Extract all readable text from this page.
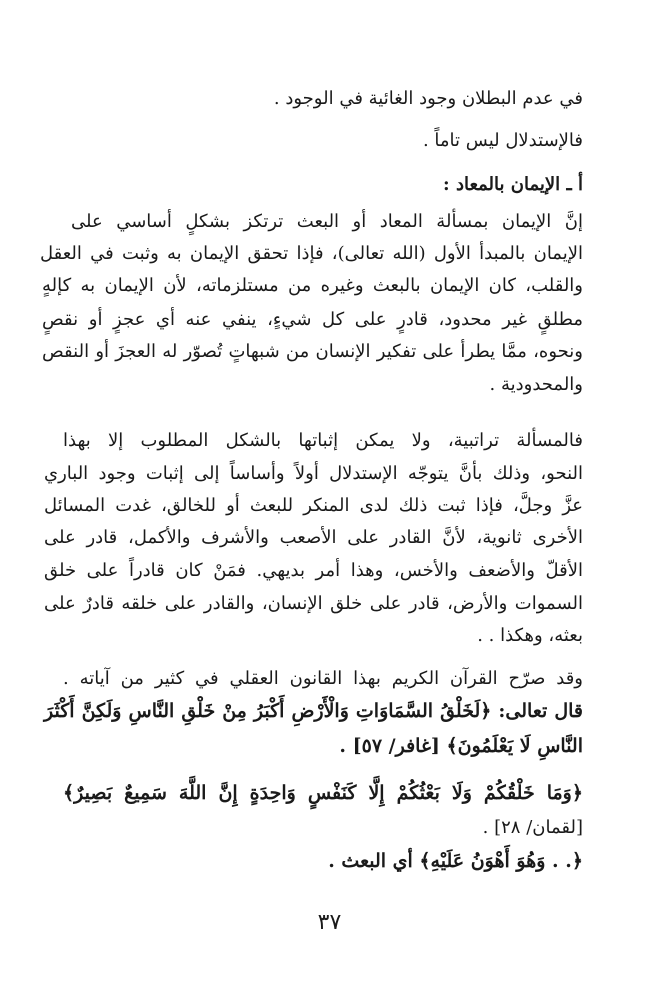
في عدم البطلان وجود الغائية في الوجود .
فالإستدلال ليس تاماً .
أ ـ الإيمان بالمعاد :
إنَّ الإيمان بمسألة المعاد أو البعث ترتكز بشكلٍ أساسي على
الإيمان بالمبدأ الأول (الله تعالى)، فإذا تحقق الإيمان به وثبت في العقل
والقلب، كان الإيمان بالبعث وغيره من مستلزماته، لأن الإيمان به كإلهٍ
مطلقٍ غير محدود، قادرٍ على كل شيءٍ، ينفي عنه أي عجزٍ أو نقصٍ
ونحوه، ممَّا يطرأ على تفكير الإنسان من شبهاتٍ تُصوّر له العجزَ أو النقص
والمحدودية .
فالمسألة تراتبية، ولا يمكن إثباتها بالشكل المطلوب إلا بهذا
النحو، وذلك بأنَّ يتوجّه الإستدلال أولاً وأساساً إلى إثبات وجود الباري
عزَّ وجلَّ، فإذا ثبت ذلك لدى المنكر للبعث أو للخالق، غدت المسائل
الأخرى ثانوية، لأنَّ القادر على الأصعب والأشرف والأكمل، قادر على
الأقلّ والأضعف والأخس، وهذا أمر بديهي. فمَنْ كان قادراً على خلق
السموات والأرض، قادر على خلق الإنسان، والقادر على خلقه قادرٌ على
بعثه، وهكذا . .
وقد صرّح القرآن الكريم بهذا القانون العقلي في كثير من آياته .
قال تعالى: ﴿لَخَلْقُ السَّمَاوَاتِ وَالْأَرْضِ أَكْبَرُ مِنْ خَلْقِ النَّاسِ وَلَكِنَّ أَكْثَرَ
النَّاسِ لَا يَعْلَمُونَ﴾ [غافر/ ٥٧] .
﴿وَمَا خَلْقُكُمْ وَلَا بَعْثُكُمْ إِلَّا كَنَفْسٍ وَاحِدَةٍ إِنَّ اللَّهَ سَمِيعٌ بَصِيرٌ﴾
[لقمان/ ٢٨] .
﴿. . وَهُوَ أَهْوَنُ عَلَيْهِ﴾ أي البعث .
٣٧
